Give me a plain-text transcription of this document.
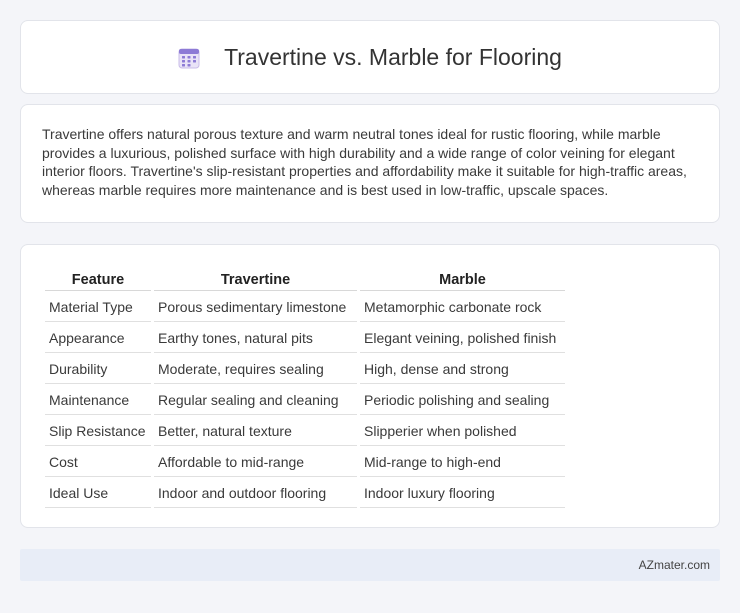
Travertine vs. Marble for Flooring

Travertine offers natural porous texture and warm neutral tones ideal for rustic flooring, while marble provides a luxurious, polished surface with high durability and a wide range of color veining for elegant interior floors. Travertine's slip-resistant properties and affordability make it suitable for high-traffic areas, whereas marble requires more maintenance and is best used in low-traffic, upscale spaces.

Feature	Travertine	Marble
Material Type	Porous sedimentary limestone	Metamorphic carbonate rock
Appearance	Earthy tones, natural pits	Elegant veining, polished finish
Durability	Moderate, requires sealing	High, dense and strong
Maintenance	Regular sealing and cleaning	Periodic polishing and sealing
Slip Resistance	Better, natural texture	Slipperier when polished
Cost	Affordable to mid-range	Mid-range to high-end
Ideal Use	Indoor and outdoor flooring	Indoor luxury flooring
AZmater.com
